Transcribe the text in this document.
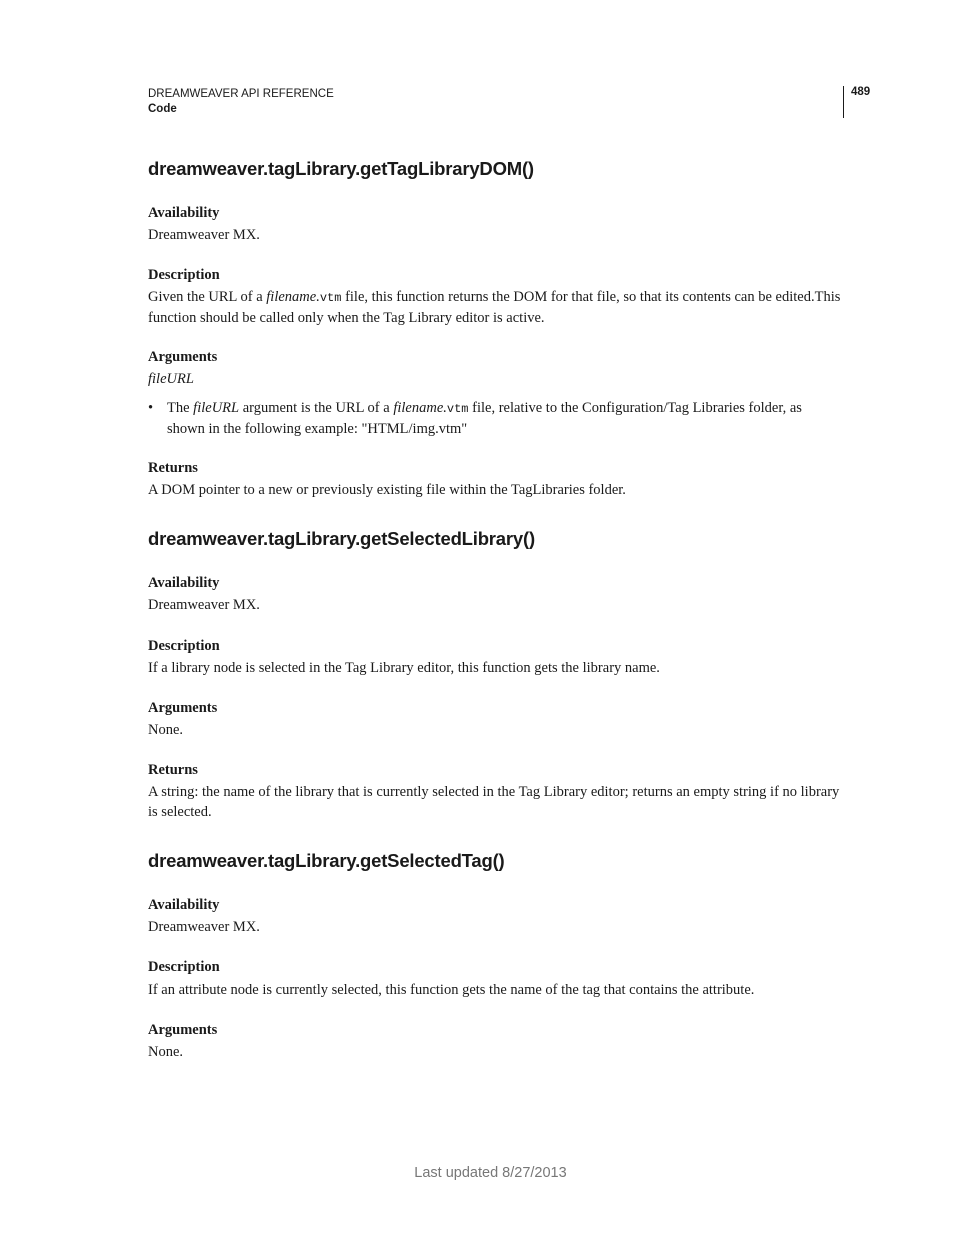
DREAMWEAVER API REFERENCE
Code
489
dreamweaver.tagLibrary.getTagLibraryDOM()
Availability
Dreamweaver MX.
Description
Given the URL of a filename.vtm file, this function returns the DOM for that file, so that its contents can be edited.This function should be called only when the Tag Library editor is active.
Arguments
fileURL
• The fileURL argument is the URL of a filename.vtm file, relative to the Configuration/Tag Libraries folder, as shown in the following example: "HTML/img.vtm"
Returns
A DOM pointer to a new or previously existing file within the TagLibraries folder.
dreamweaver.tagLibrary.getSelectedLibrary()
Availability
Dreamweaver MX.
Description
If a library node is selected in the Tag Library editor, this function gets the library name.
Arguments
None.
Returns
A string: the name of the library that is currently selected in the Tag Library editor; returns an empty string if no library is selected.
dreamweaver.tagLibrary.getSelectedTag()
Availability
Dreamweaver MX.
Description
If an attribute node is currently selected, this function gets the name of the tag that contains the attribute.
Arguments
None.
Last updated 8/27/2013
